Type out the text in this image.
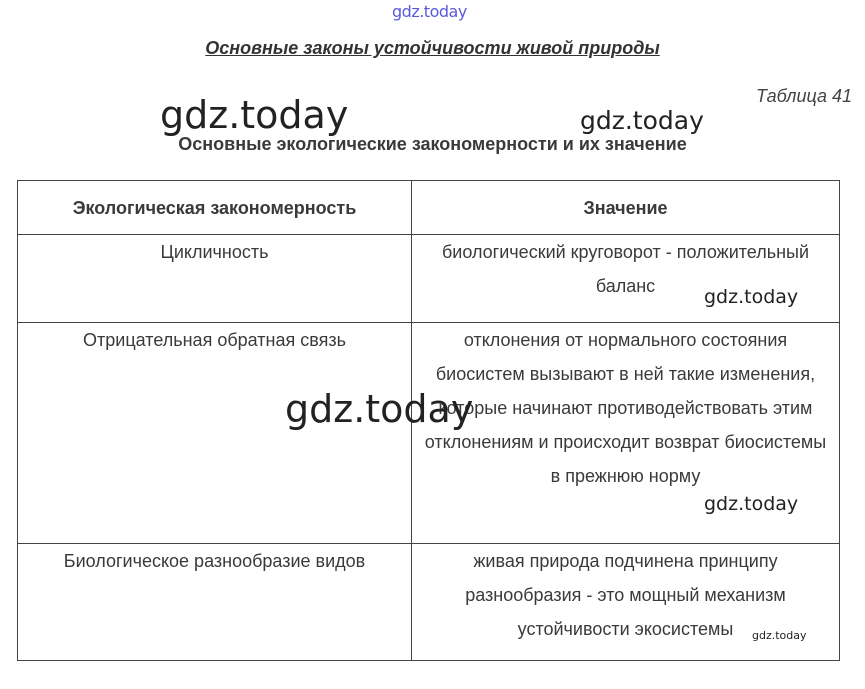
gdz.today
Основные законы устойчивости живой природы
Таблица 41
Основные экологические закономерности и их значение
Экологическая закономерность	Значение
Цикличность	биологический круговорот - положительный баланс
Отрицательная обратная связь	отклонения от нормального состояния биосистем вызывают в ней такие изменения, которые начинают противодействовать этим отклонениям и происходит возврат биосистемы в прежнюю норму
Биологическое разнообразие видов	живая природа подчинена принципу разнообразия - это мощный механизм устойчивости экосистемы
gdz.today	gdz.today
gdz.today
gdz.today
gdz.today
gdz.today
